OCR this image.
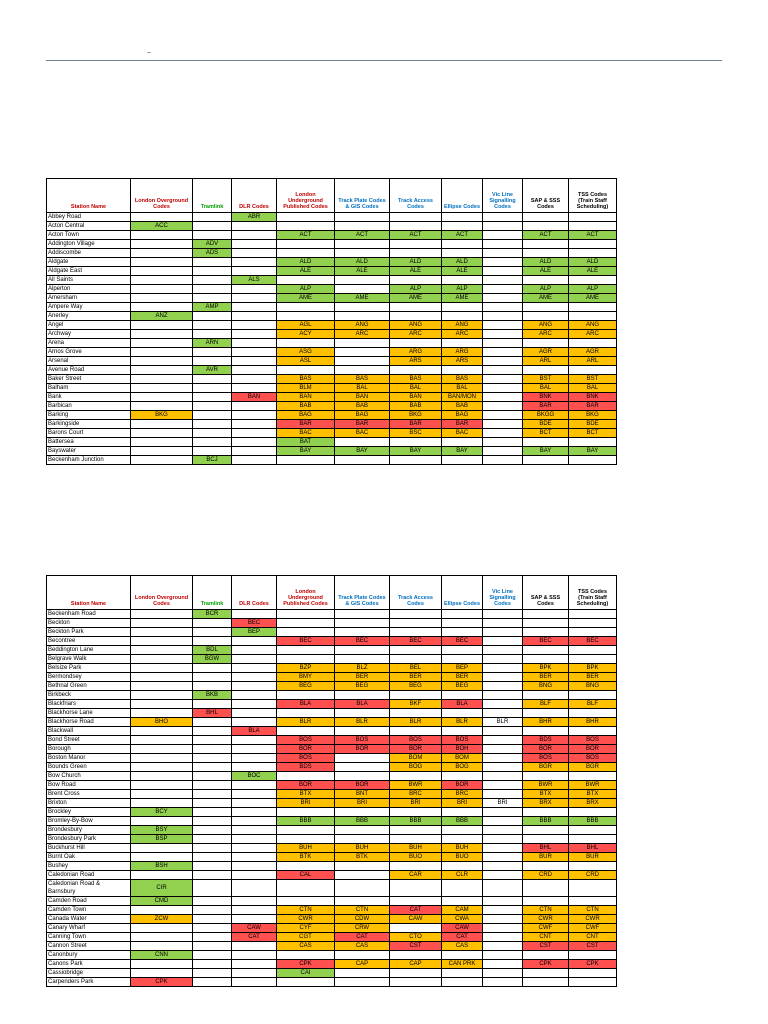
–
Station Name	London Overground Codes	Tramlink	DLR Codes	London Underground Published Codes	Track Plate Codes & GIS Codes	Track Access Codes	Ellipse Codes	Vic Line Signalling Codes	SAP & SSS Codes	TSS Codes (Train Staff Scheduling)
Abbey Road			ABR							
Acton Central	ACC									
Acton Town				ACT	ACT	ACT	ACT		ACT	ACT
Addington Village		ADV								
Addiscombe		ADS								
Aldgate				ALD	ALD	ALD	ALD		ALD	ALD
Aldgate East				ALE	ALE	ALE	ALE		ALE	ALE
All Saints			ALS							
Alperton				ALP		ALP	ALP		ALP	ALP
Amersham				AME	AME	AME	AME		AME	AME
Ampere Way		AMP								
Anerley	ANZ									
Angel				AGL	ANG	ANG	ANG		ANG	ANG
Archway				ACY	ARC	ARC	ARC		ARC	ARC
Arena		ARN								
Arnos Grove				ASG		ARG	ARG		AGR	AGR
Arsenal				ASL		ARS	ARS		ARL	ARL
Avenue Road		AVR								
Baker Street				BAS	BAS	BAS	BAS		BST	BST
Balham				BLM	BAL	BAL	BAL		BAL	BAL
Bank			BAN	BAN	BAN	BAN	BAN/MON		BNK	BNK
Barbican				BAB	BAB	BAB	BAB		BAR	BAR
Barking	BKG			BAG	BAG	BKG	BAG		BKGG	BKG
Barkingside				BAR	BAR	BAR	BAR		BDE	BDE
Barons Court				BAC	BAC	BSC	BAC		BCT	BCT
Battersea				BAT						
Bayswater				BAY	BAY	BAY	BAY		BAY	BAY
Beckenham Junction		BCJ								
Station Name	London Overground Codes	Tramlink	DLR Codes	London Underground Published Codes	Track Plate Codes & GIS Codes	Track Access Codes	Ellipse Codes	Vic Line Signalling Codes	SAP & SSS Codes	TSS Codes (Train Staff Scheduling)
Beckenham Road		BCR								
Beckton			BEC							
Beckton Park			BEP							
Becontree				BEC	BEC	BEC	BEC		BEC	BEC
Beddington Lane		BDL								
Belgrave Walk		BGW								
Belsize Park				BZP	BLZ	BEL	BEP		BPK	BPK
Bermondsey				BMY	BER	BER	BER		BER	BER
Bethnal Green				BEG	BEG	BEG	BEG		BNG	BNG
Birkbeck		BKB								
Blackfriars				BLA	BLA	BKF	BLA		BLF	BLF
Blackhorse Lane		BHL								
Blackhorse Road	BHO			BLR	BLR	BLR	BLR	BLR	BHR	BHR
Blackwall			BLA							
Bond Street				BOS	BOS	BOS	BOS		BDS	BOS
Borough				BOR	BOR	BOR	BOH		BOR	BOR
Boston Manor				BOS		BOM	BOM		BOS	BOS
Bounds Green				BDS		BOG	BOG		BGR	BGR
Bow Church			BOC							
Bow Road				BOR	BOR	BWR	BOR		BWR	BWR
Brent Cross				BTX	BNT	BRC	BRC		BTX	BTX
Brixton				BRI	BRI	BRI	BRI	BRI	BRX	BRX
Brockley	BCY									
Bromley-By-Bow				BBB	BBB	BBB	BBB		BBB	BBB
Brondesbury	BSY									
Brondesbury Park	BSP									
Buckhurst Hill				BUH	BUH	BUH	BUH		BHL	BHL
Burnt Oak				BTK	BTK	BUO	BUO		BUR	BUR
Bushey	BSH									
Caledonian Road				CAL		CAR	CLR		CRD	CRD
Caledonian Road & Barnsbury	CIR									
Camden Road	CMD									
Camden Town				CTN	CTN	CAT	CAM		CTN	CTN
Canada Water	ZCW			CWR	CDW	CAW	CWA		CWR	CWR
Canary Wharf			CAW	CYF	CRW		CAW		CWF	CWF
Canning Town			CAT	CGT	CAT	CTO	CAT		CNT	CNT
Cannon Street				CAS	CAS	CST	CAS		CST	CST
Canonbury	CNN									
Canons Park				CPK	CAP	CAP	CAN PRK		CPK	CPK
Cassiobridge				CAI						
Carpenders Park	CPK									
